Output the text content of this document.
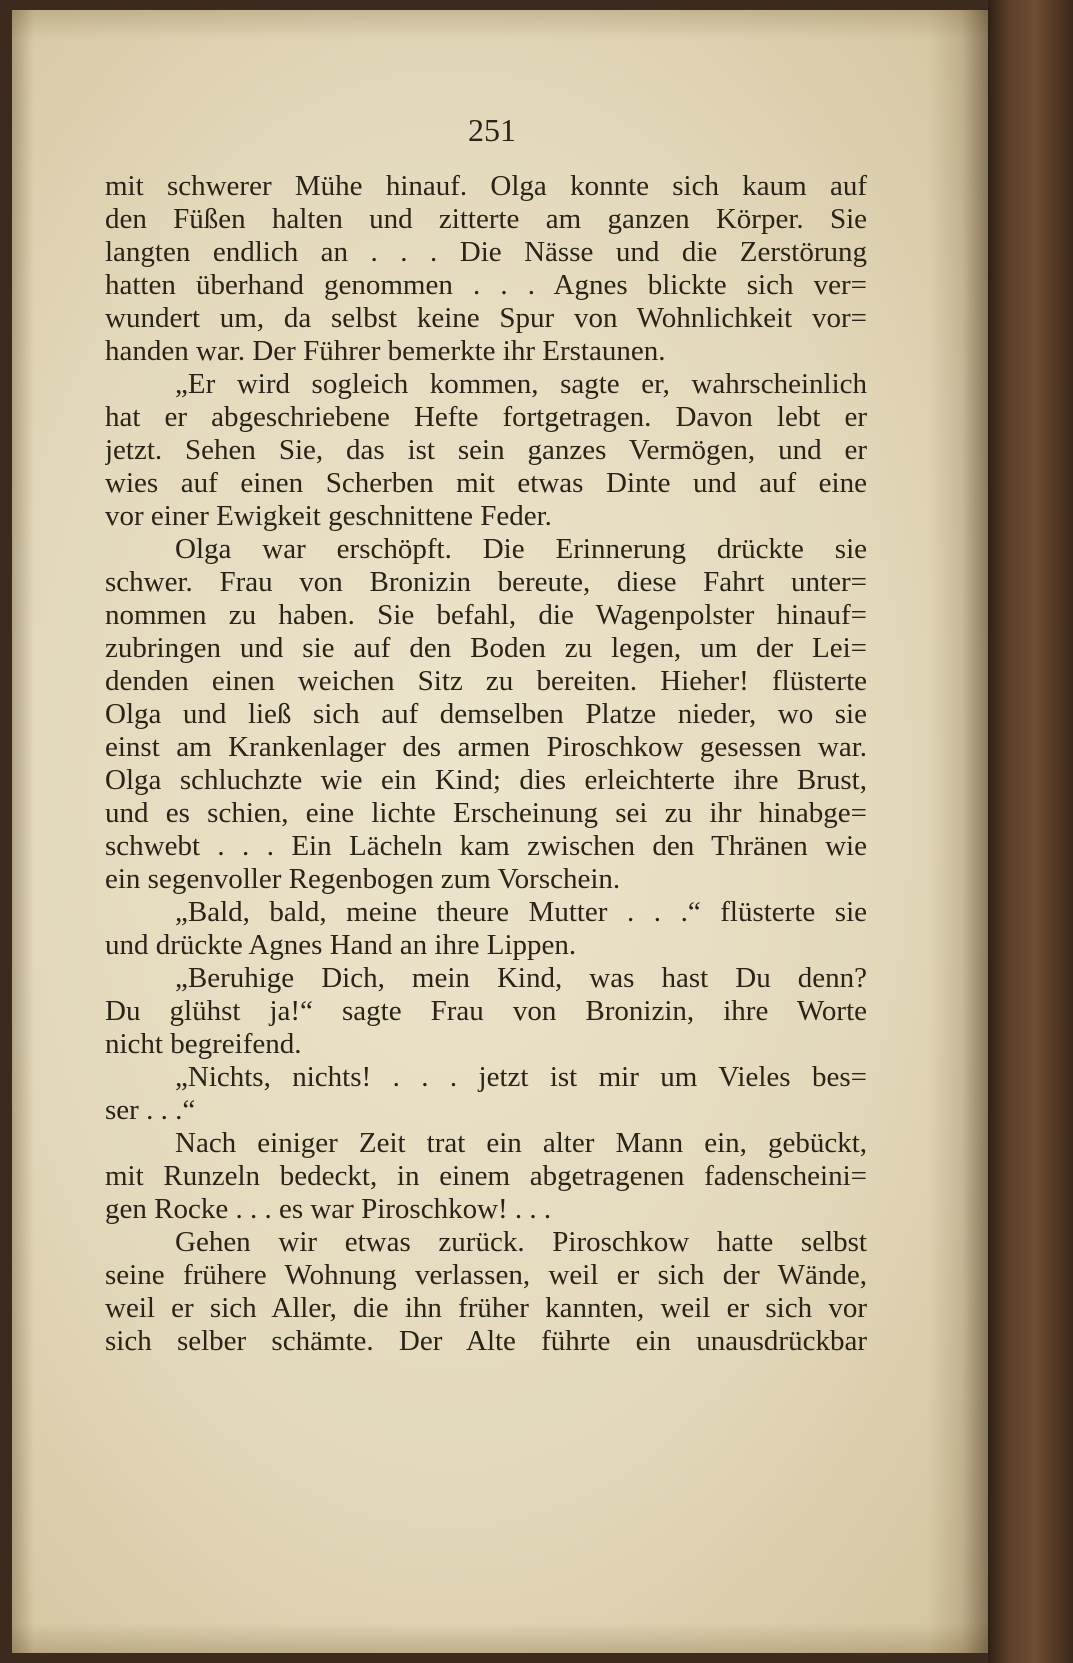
251
mit schwerer Mühe hinauf. Olga konnte sich kaum auf
den Füßen halten und zitterte am ganzen Körper. Sie
langten endlich an . . . Die Nässe und die Zerstörung
hatten überhand genommen . . . Agnes blickte sich ver=
wundert um, da selbst keine Spur von Wohnlichkeit vor=
handen war. Der Führer bemerkte ihr Erstaunen.
„Er wird sogleich kommen, sagte er, wahrscheinlich
hat er abgeschriebene Hefte fortgetragen. Davon lebt er
jetzt. Sehen Sie, das ist sein ganzes Vermögen, und er
wies auf einen Scherben mit etwas Dinte und auf eine
vor einer Ewigkeit geschnittene Feder.
Olga war erschöpft. Die Erinnerung drückte sie
schwer. Frau von Bronizin bereute, diese Fahrt unter=
nommen zu haben. Sie befahl, die Wagenpolster hinauf=
zubringen und sie auf den Boden zu legen, um der Lei=
denden einen weichen Sitz zu bereiten. Hieher! flüsterte
Olga und ließ sich auf demselben Platze nieder, wo sie
einst am Krankenlager des armen Piroschkow gesessen war.
Olga schluchzte wie ein Kind; dies erleichterte ihre Brust,
und es schien, eine lichte Erscheinung sei zu ihr hinabge=
schwebt . . . Ein Lächeln kam zwischen den Thränen wie
ein segenvoller Regenbogen zum Vorschein.
„Bald, bald, meine theure Mutter . . .“ flüsterte sie
und drückte Agnes Hand an ihre Lippen.
„Beruhige Dich, mein Kind, was hast Du denn?
Du glühst ja!“ sagte Frau von Bronizin, ihre Worte
nicht begreifend.
„Nichts, nichts! . . . jetzt ist mir um Vieles bes=
ser . . .“
Nach einiger Zeit trat ein alter Mann ein, gebückt,
mit Runzeln bedeckt, in einem abgetragenen fadenscheini=
gen Rocke . . . es war Piroschkow! . . .
Gehen wir etwas zurück. Piroschkow hatte selbst
seine frühere Wohnung verlassen, weil er sich der Wände,
weil er sich Aller, die ihn früher kannten, weil er sich vor
sich selber schämte. Der Alte führte ein unausdrückbar
